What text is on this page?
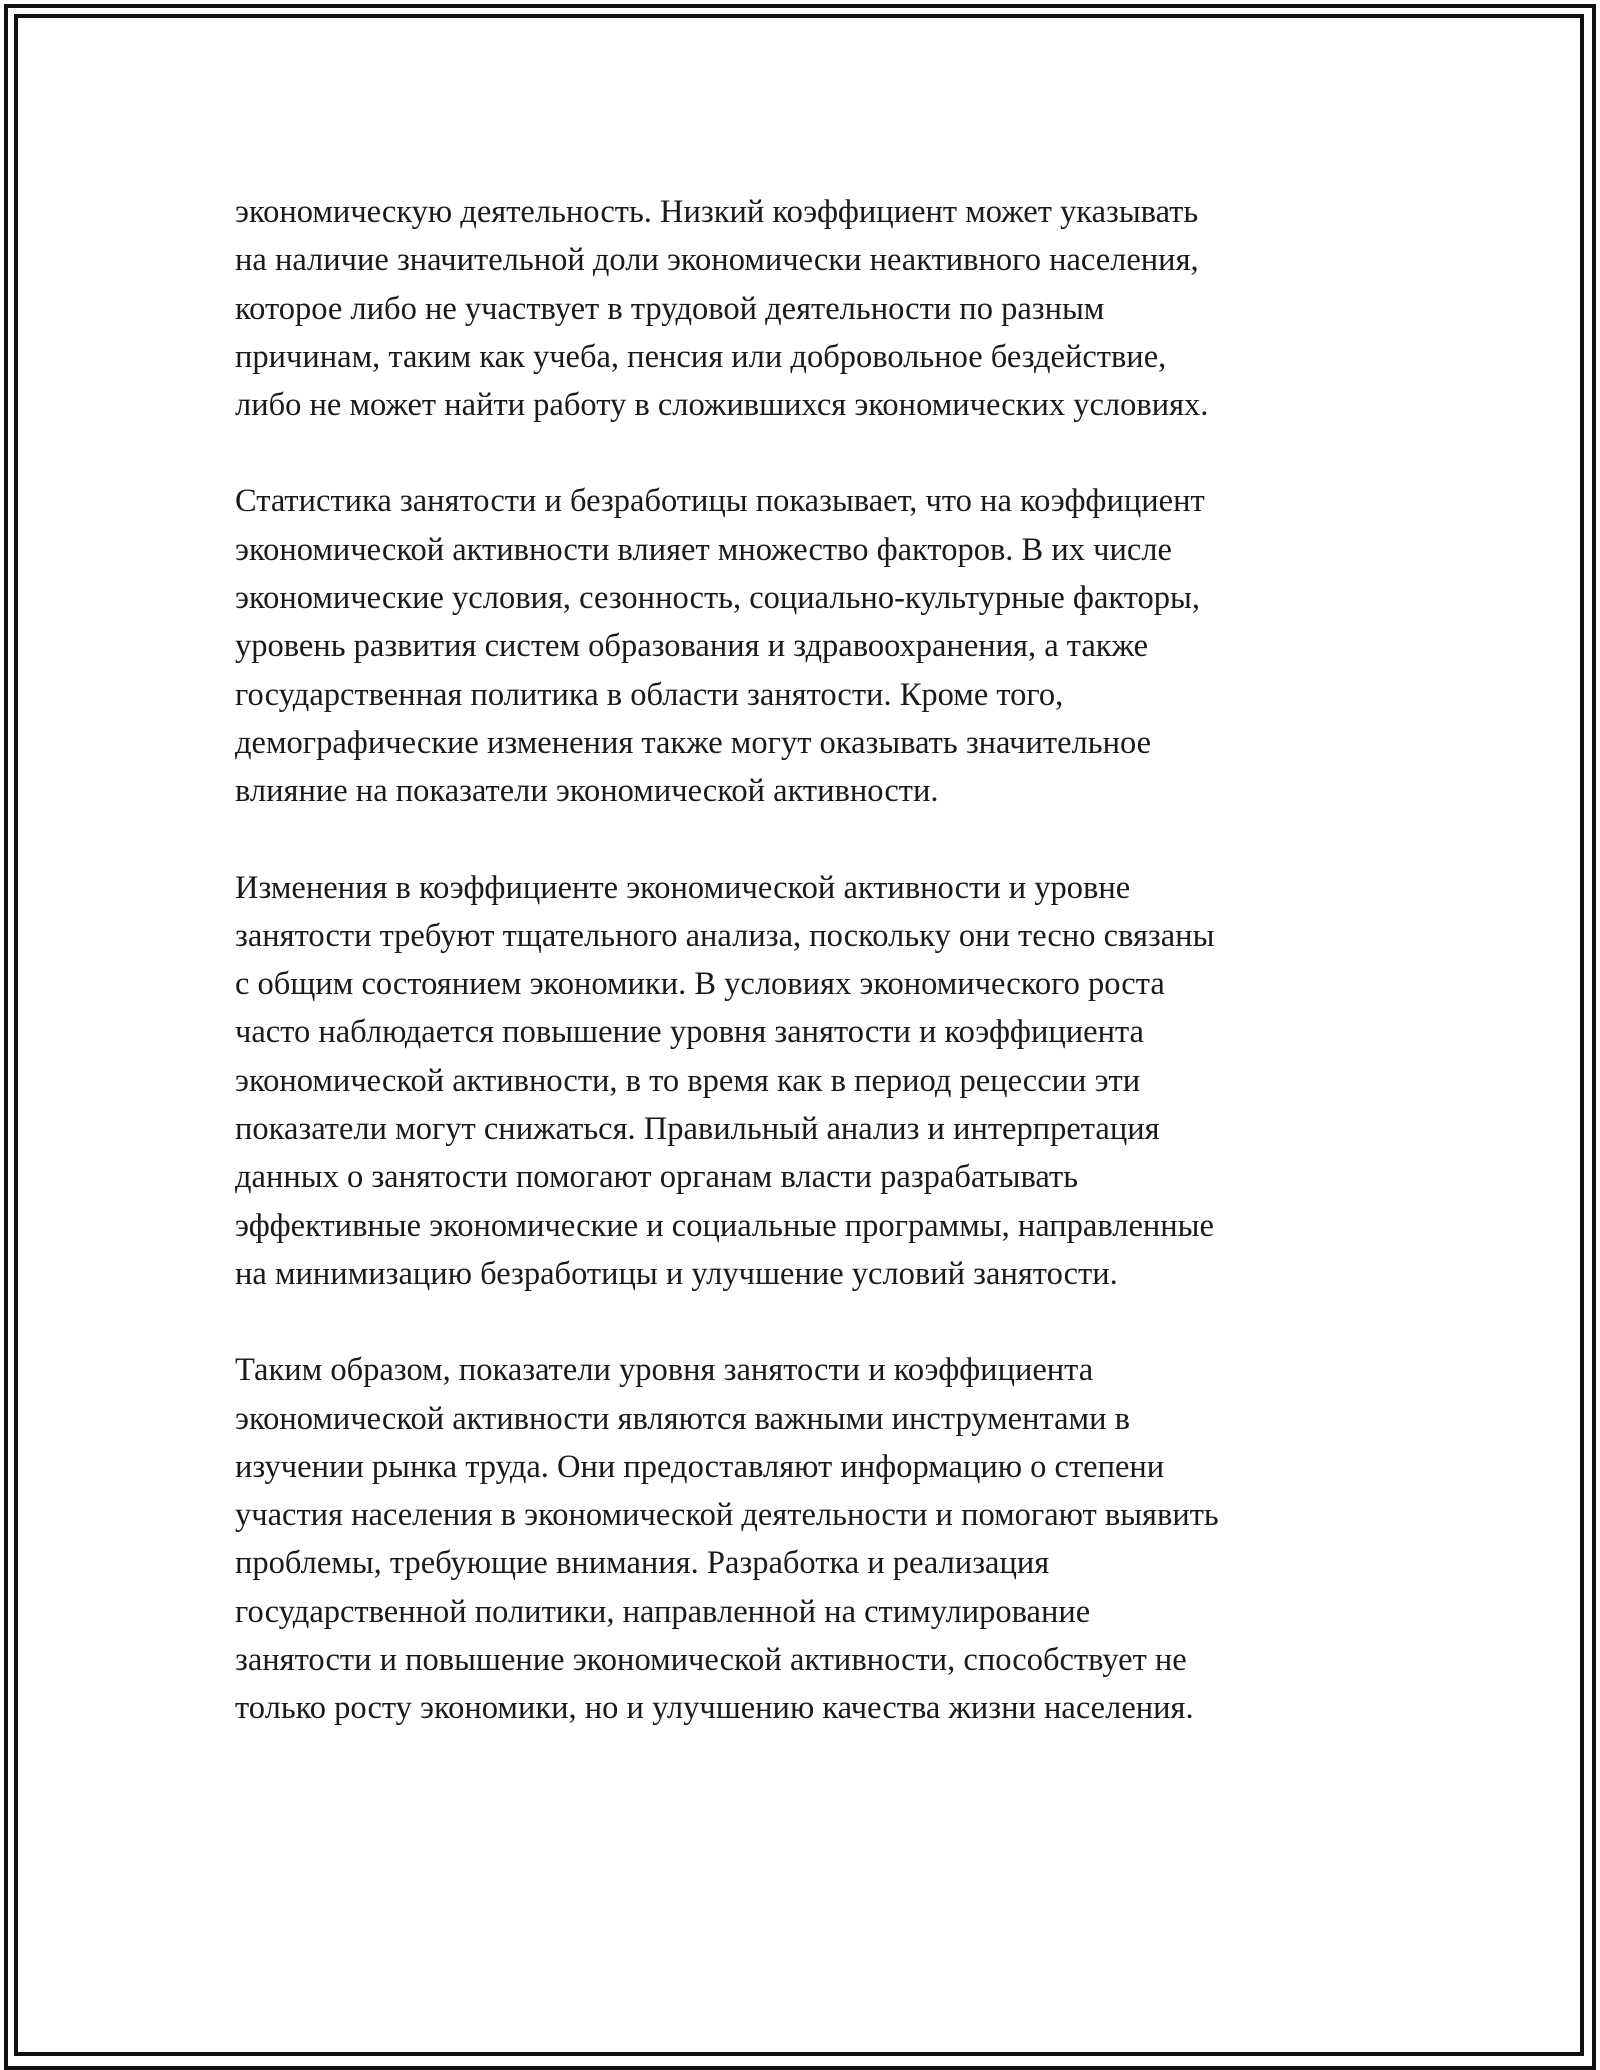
экономическую деятельность. Низкий коэффициент может указывать
на наличие значительной доли экономически неактивного населения,
которое либо не участвует в трудовой деятельности по разным
причинам, таким как учеба, пенсия или добровольное бездействие,
либо не может найти работу в сложившихся экономических условиях.
Статистика занятости и безработицы показывает, что на коэффициент
экономической активности влияет множество факторов. В их числе
экономические условия, сезонность, социально-культурные факторы,
уровень развития систем образования и здравоохранения, а также
государственная политика в области занятости. Кроме того,
демографические изменения также могут оказывать значительное
влияние на показатели экономической активности.
Изменения в коэффициенте экономической активности и уровне
занятости требуют тщательного анализа, поскольку они тесно связаны
с общим состоянием экономики. В условиях экономического роста
часто наблюдается повышение уровня занятости и коэффициента
экономической активности, в то время как в период рецессии эти
показатели могут снижаться. Правильный анализ и интерпретация
данных о занятости помогают органам власти разрабатывать
эффективные экономические и социальные программы, направленные
на минимизацию безработицы и улучшение условий занятости.
Таким образом, показатели уровня занятости и коэффициента
экономической активности являются важными инструментами в
изучении рынка труда. Они предоставляют информацию о степени
участия населения в экономической деятельности и помогают выявить
проблемы, требующие внимания. Разработка и реализация
государственной политики, направленной на стимулирование
занятости и повышение экономической активности, способствует не
только росту экономики, но и улучшению качества жизни населения.
